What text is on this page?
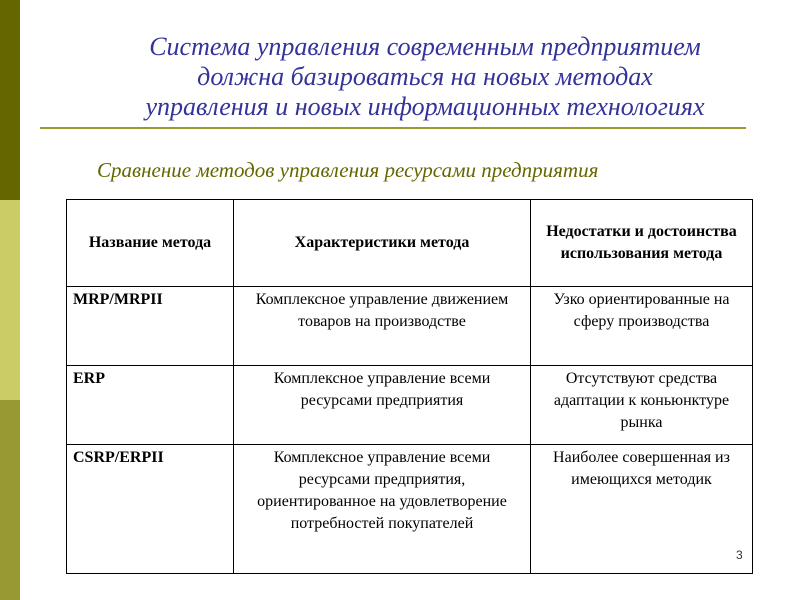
Система управления современным предприятием
должна базироваться на новых методах
управления и новых информационных технологиях
Сравнение методов управления ресурсами предприятия
Название метода	Характеристики метода	Недостатки и достоинства использования метода
MRP/MRPII	Комплексное управление движением товаров на производстве	Узко ориентированные на сферу производства
ERP	Комплексное управление всеми ресурсами предприятия	Отсутствуют средства адаптации к коньюнктуре рынка
CSRP/ERPII	Комплексное управление всеми ресурсами предприятия, ориентированное на удовлетворение потребностей покупателей	Наиболее совершенная из имеющихся методик
3
